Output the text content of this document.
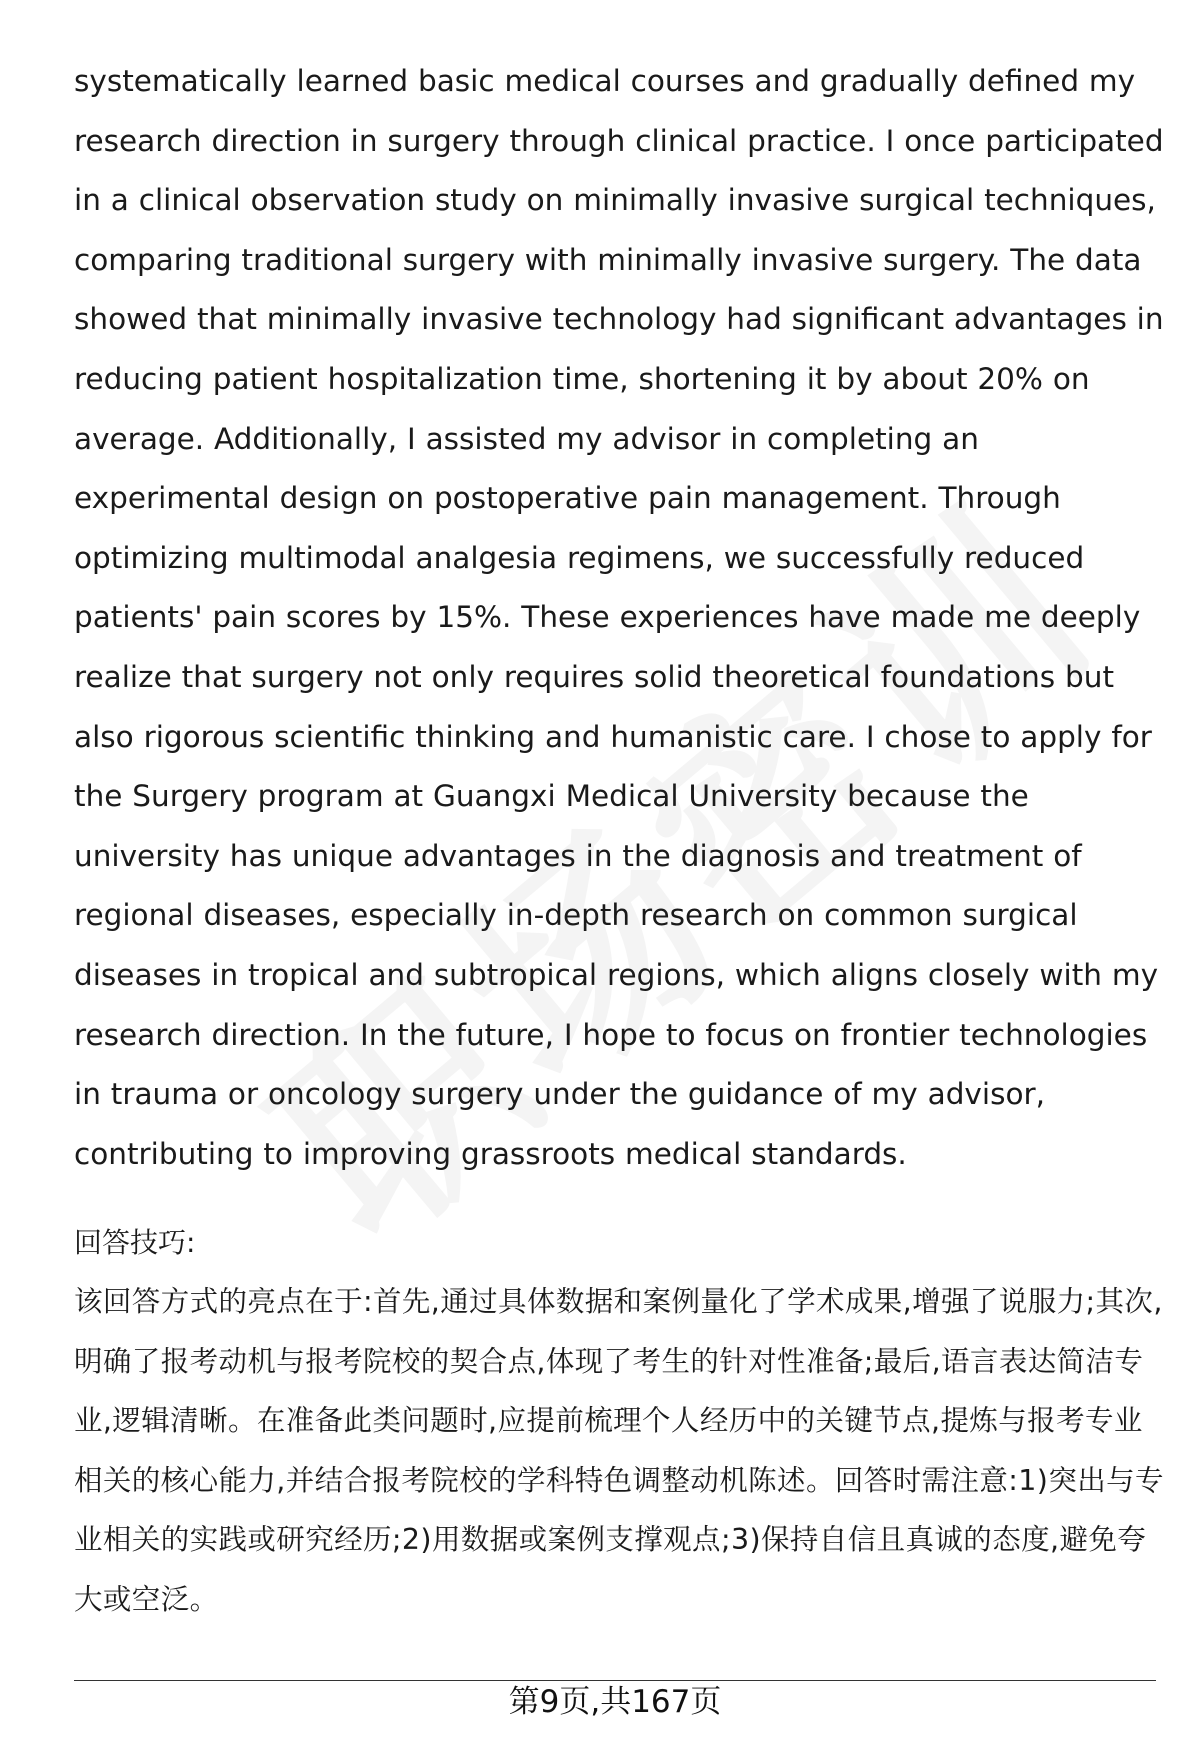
systematically learned basic medical courses and gradually defined my research direction in surgery through clinical practice. I once participated in a clinical observation study on minimally invasive surgical techniques, comparing traditional surgery with minimally invasive surgery. The data showed that minimally invasive technology had significant advantages in reducing patient hospitalization time, shortening it by about 20% on average. Additionally, I assisted my advisor in completing an experimental design on postoperative pain management. Through optimizing multimodal analgesia regimens, we successfully reduced patients' pain scores by 15%. These experiences have made me deeply realize that surgery not only requires solid theoretical foundations but also rigorous scientific thinking and humanistic care. I chose to apply for the Surgery program at Guangxi Medical University because the university has unique advantages in the diagnosis and treatment of regional diseases, especially in-depth research on common surgical diseases in tropical and subtropical regions, which aligns closely with my research direction. In the future, I hope to focus on frontier technologies in trauma or oncology surgery under the guidance of my advisor, contributing to improving grassroots medical standards.

回答技巧:

该回答方式的亮点在于:首先,通过具体数据和案例量化了学术成果,增强了说服力;其次,明确了报考动机与报考院校的契合点,体现了考生的针对性准备;最后,语言表达简洁专业,逻辑清晰。在准备此类问题时,应提前梳理个人经历中的关键节点,提炼与报考专业相关的核心能力,并结合报考院校的学科特色调整动机陈述。回答时需注意:1)突出与专业相关的实践或研究经历;2)用数据或案例支撑观点;3)保持自信且真诚的态度,避免夸大或空泛。

第9页,共167页
